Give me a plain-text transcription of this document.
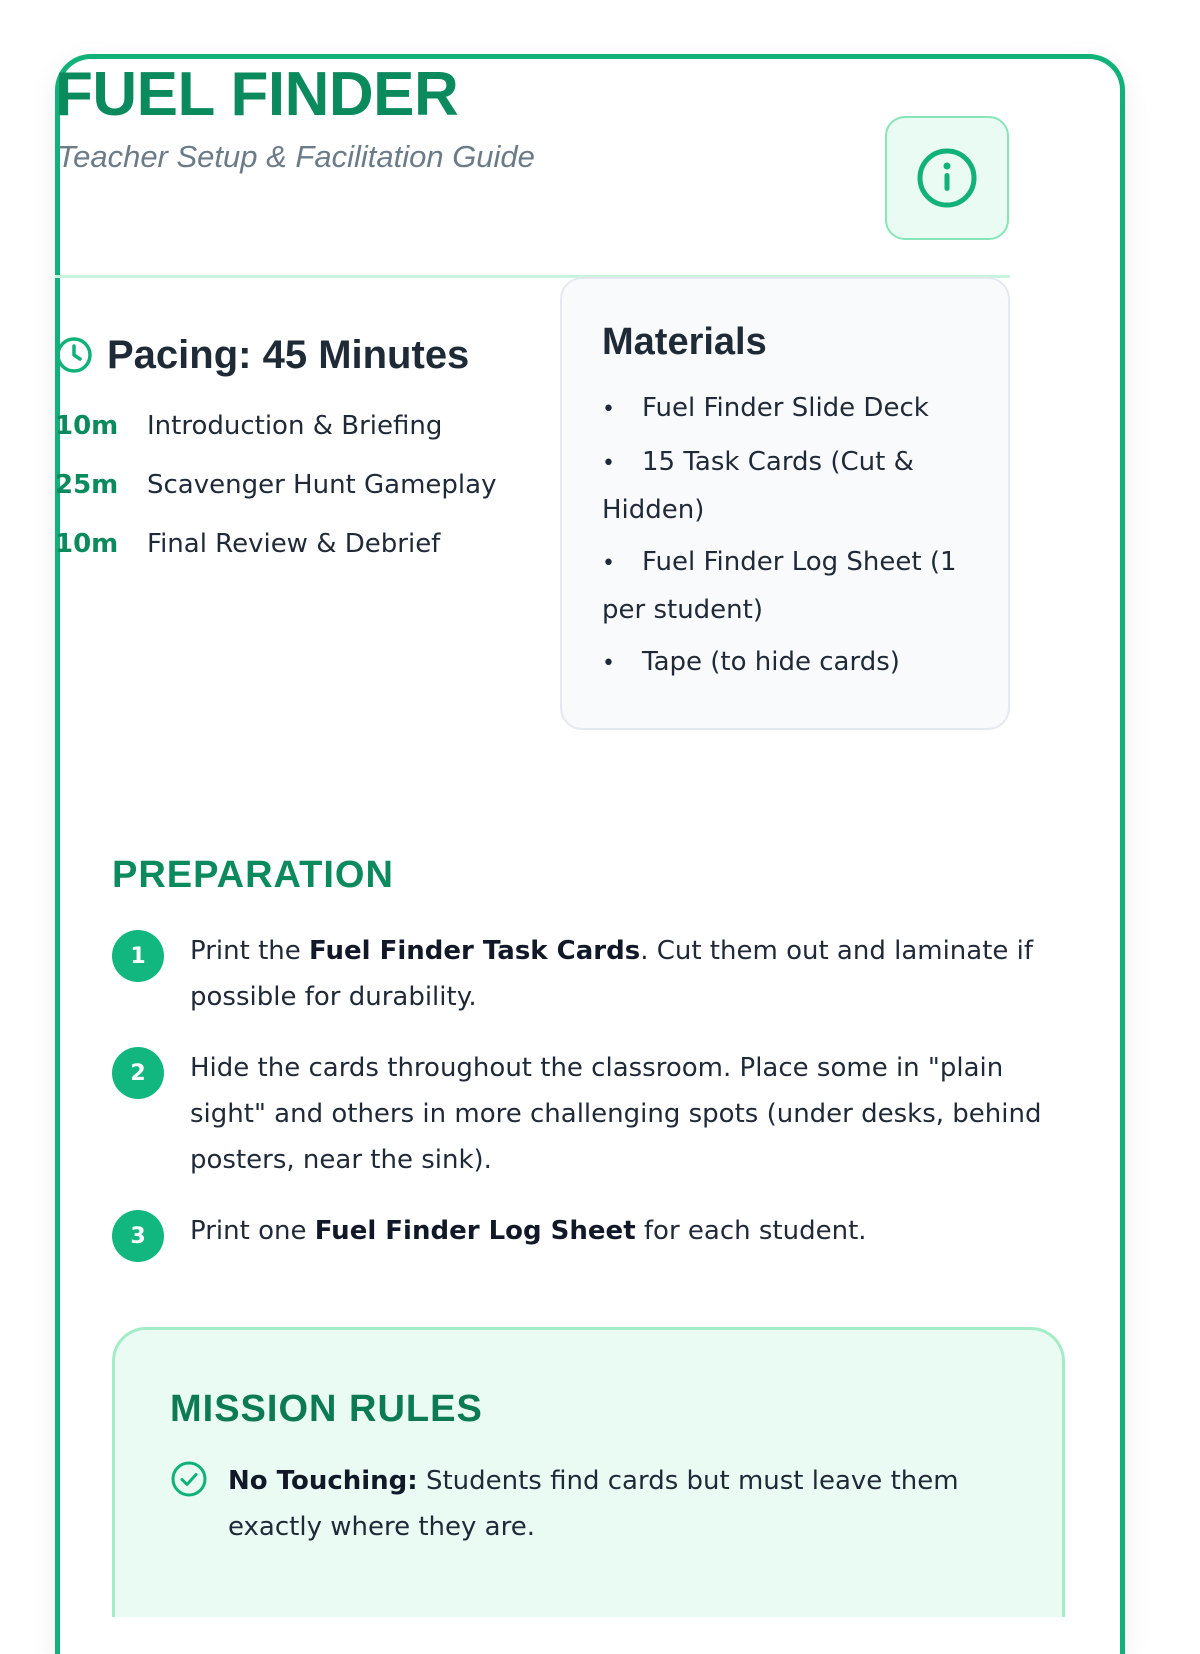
FUEL FINDER
Teacher Setup & Facilitation Guide
Pacing: 45 Minutes
10m	Introduction & Briefing
25m	Scavenger Hunt Gameplay
10m	Final Review & Debrief
Materials
• Fuel Finder Slide Deck
• 15 Task Cards (Cut & Hidden)
• Fuel Finder Log Sheet (1 per student)
• Tape (to hide cards)
PREPARATION
1	Print the Fuel Finder Task Cards. Cut them out and laminate if possible for durability.
2	Hide the cards throughout the classroom. Place some in "plain sight" and others in more challenging spots (under desks, behind posters, near the sink).
3	Print one Fuel Finder Log Sheet for each student.
MISSION RULES
No Touching: Students find cards but must leave them exactly where they are.
